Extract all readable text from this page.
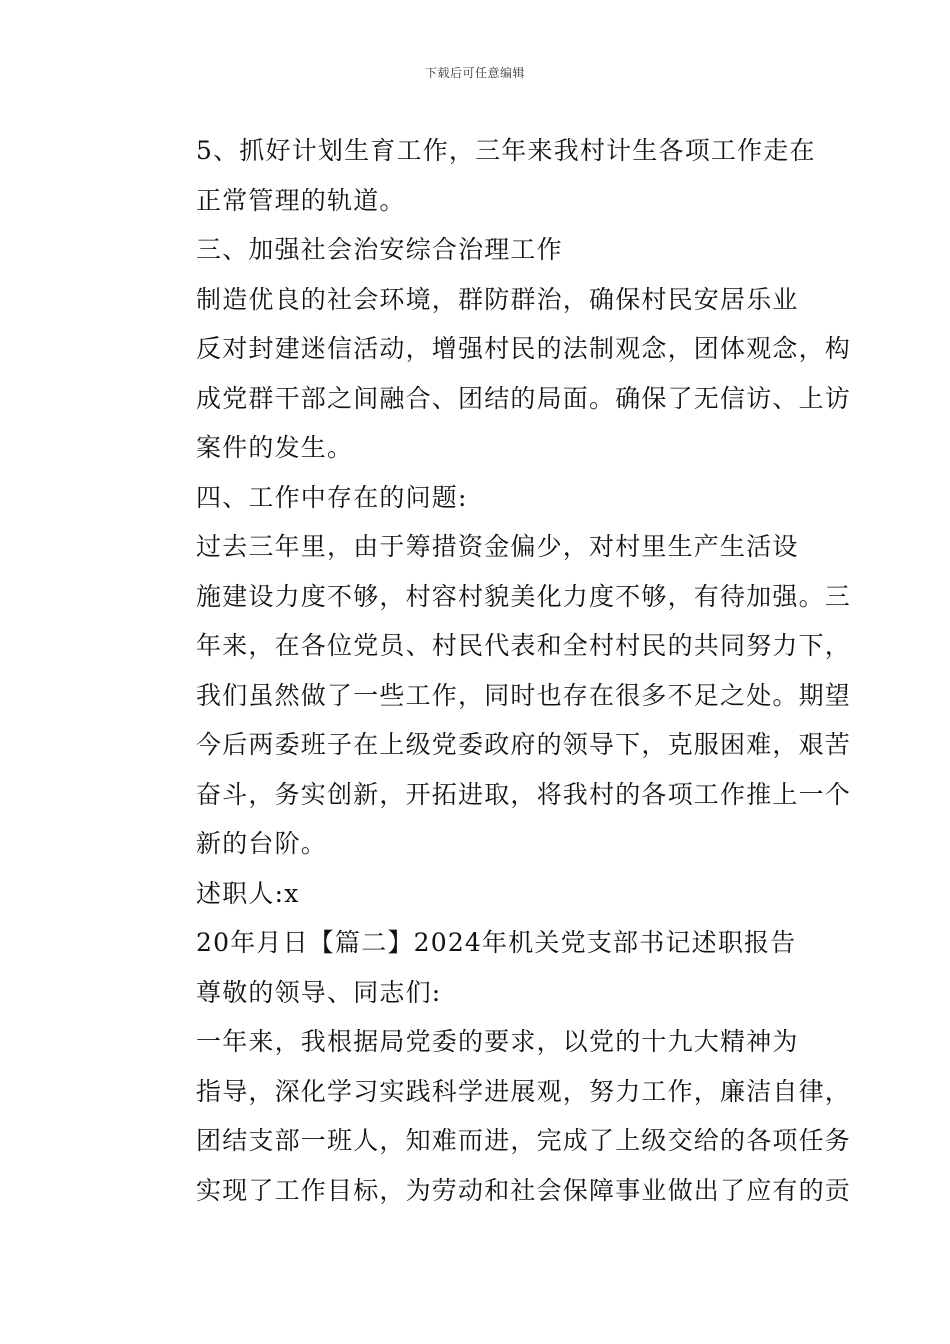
下载后可任意编辑

5、抓好计划生育工作，三年来我村计生各项工作走在
正常管理的轨道。

三、加强社会治安综合治理工作

制造优良的社会环境，群防群治，确保村民安居乐业
反对封建迷信活动，增强村民的法制观念，团体观念，构
成党群干部之间融合、团结的局面。确保了无信访、上访
案件的发生。

四、工作中存在的问题:

过去三年里，由于筹措资金偏少，对村里生产生活设
施建设力度不够，村容村貌美化力度不够，有待加强。三
年来，在各位党员、村民代表和全村村民的共同努力下，
我们虽然做了一些工作，同时也存在很多不足之处。期望
今后两委班子在上级党委政府的领导下，克服困难，艰苦
奋斗，务实创新，开拓进取，将我村的各项工作推上一个
新的台阶。

述职人:x

20年月日【篇二】2024年机关党支部书记述职报告

尊敬的领导、同志们:

一年来，我根据局党委的要求，以党的十九大精神为
指导，深化学习实践科学进展观，努力工作，廉洁自律，
团结支部一班人，知难而进，完成了上级交给的各项任务
实现了工作目标，为劳动和社会保障事业做出了应有的贡
